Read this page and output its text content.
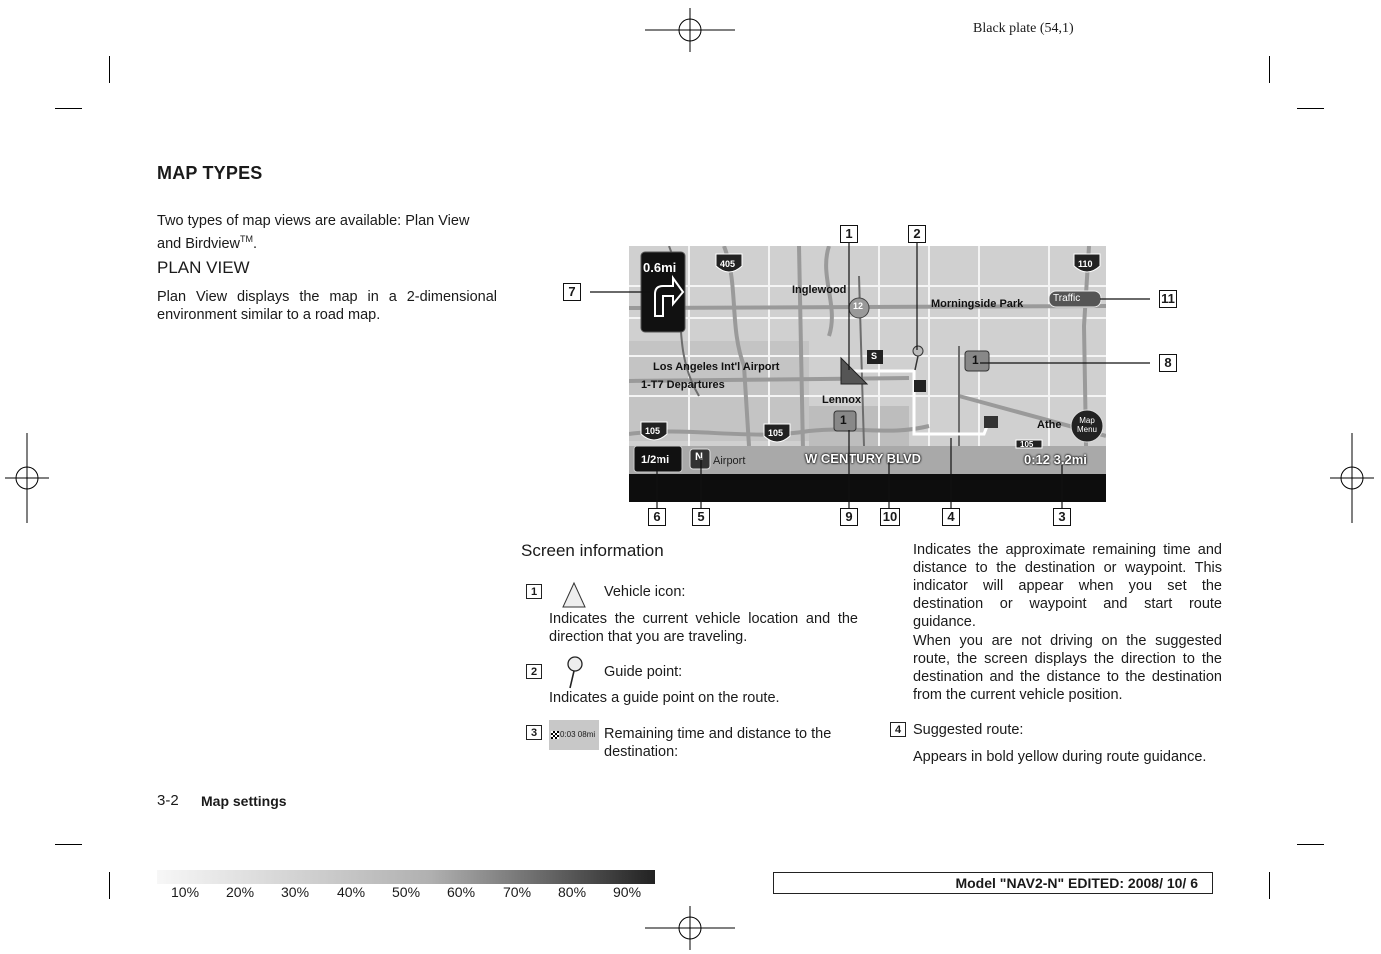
Black plate (54,1)
MAP TYPES
Two types of map views are available: Plan View and Birdview™.
PLAN VIEW
Plan View displays the map in a 2-dimensional environment similar to a road map.
0.6mi	405	110
Inglewood
12	Morningside Park	Traffic
Los Angeles Int'l Airport
1-T7 Departures
S	1
Lennox
1	Athe	Map Menu
105	105
105
1/2mi N Airport	W CENTURY BLVD	0:12 3.2mi
1	2
11
8
7
6	5	9	10	4	3
Screen information
1	Vehicle icon:
Indicates the current vehicle location and the direction that you are traveling.
2	Guide point:
Indicates a guide point on the route.
3	0:03 08mi Remaining time and distance to the destination:
Indicates the approximate remaining time and distance to the destination or waypoint. This indicator will appear when you set the destination or waypoint and start route guidance.
When you are not driving on the suggested route, the screen displays the direction to the destination and the distance to the destination from the current vehicle position.
4 Suggested route:
Appears in bold yellow during route guidance.
3-2 Map settings
10% 20% 30% 40% 50% 60% 70% 80% 90%
Model "NAV2-N" EDITED: 2008/ 10/ 6
